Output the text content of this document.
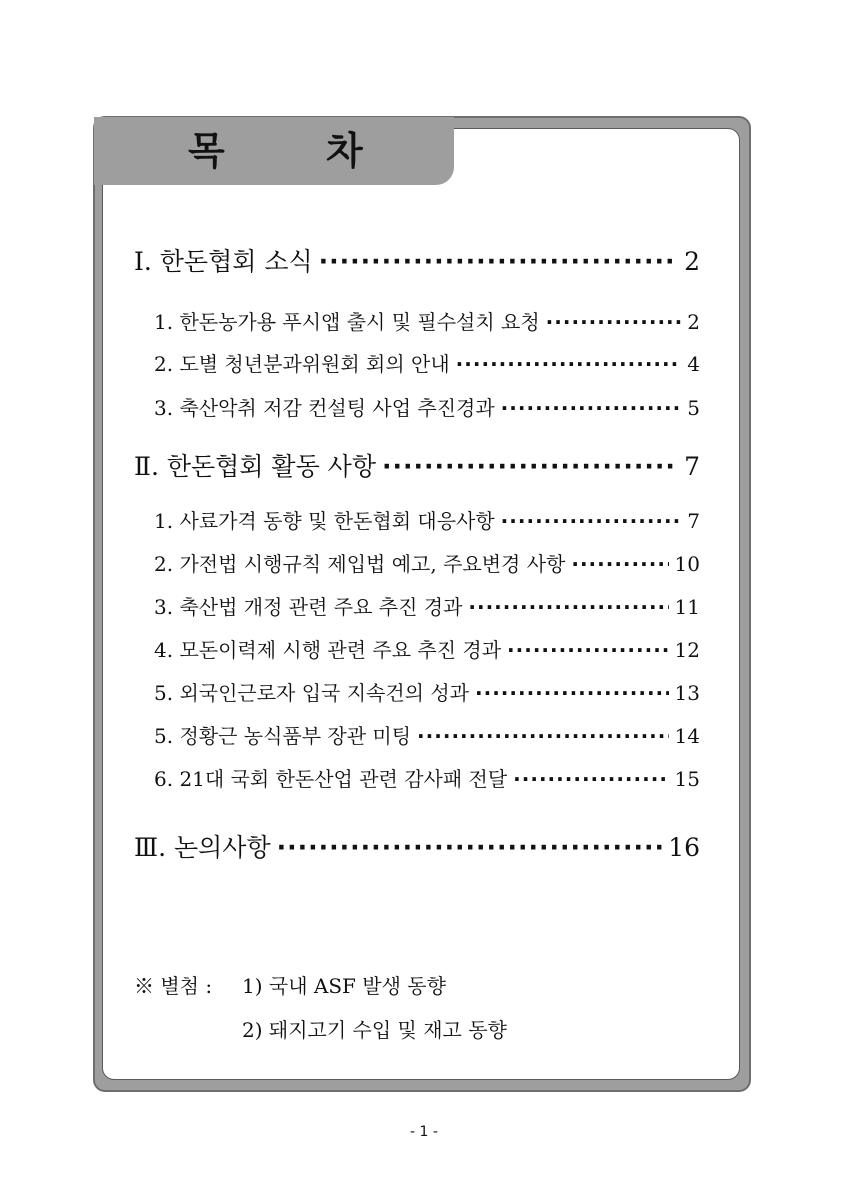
목 차
Ⅰ. 한돈협회 소식 ·····	2
1. 한돈농가용 푸시앱 출시 및 필수설치 요청 ·····	2
2. 도별 청년분과위원회 회의 안내 ·····	4
3. 축산악취 저감 컨설팅 사업 추진경과 ·····	5
Ⅱ. 한돈협회 활동 사항 ·····	7
1. 사료가격 동향 및 한돈협회 대응사항 ·····	7
2. 가전법 시행규칙 제입법 예고, 주요변경 사항 ·····	10
3. 축산법 개정 관련 주요 추진 경과 ·····	11
4. 모돈이력제 시행 관련 주요 추진 경과 ·····	12
5. 외국인근로자 입국 지속건의 성과 ·····	13
5. 정황근 농식품부 장관 미팅 ·····	14
6. 21대 국회 한돈산업 관련 감사패 전달 ·····	15
Ⅲ. 논의사항 ·····	16
※ 별첨 : 1) 국내 ASF 발생 동향
2) 돼지고기 수입 및 재고 동향
- 1 -
